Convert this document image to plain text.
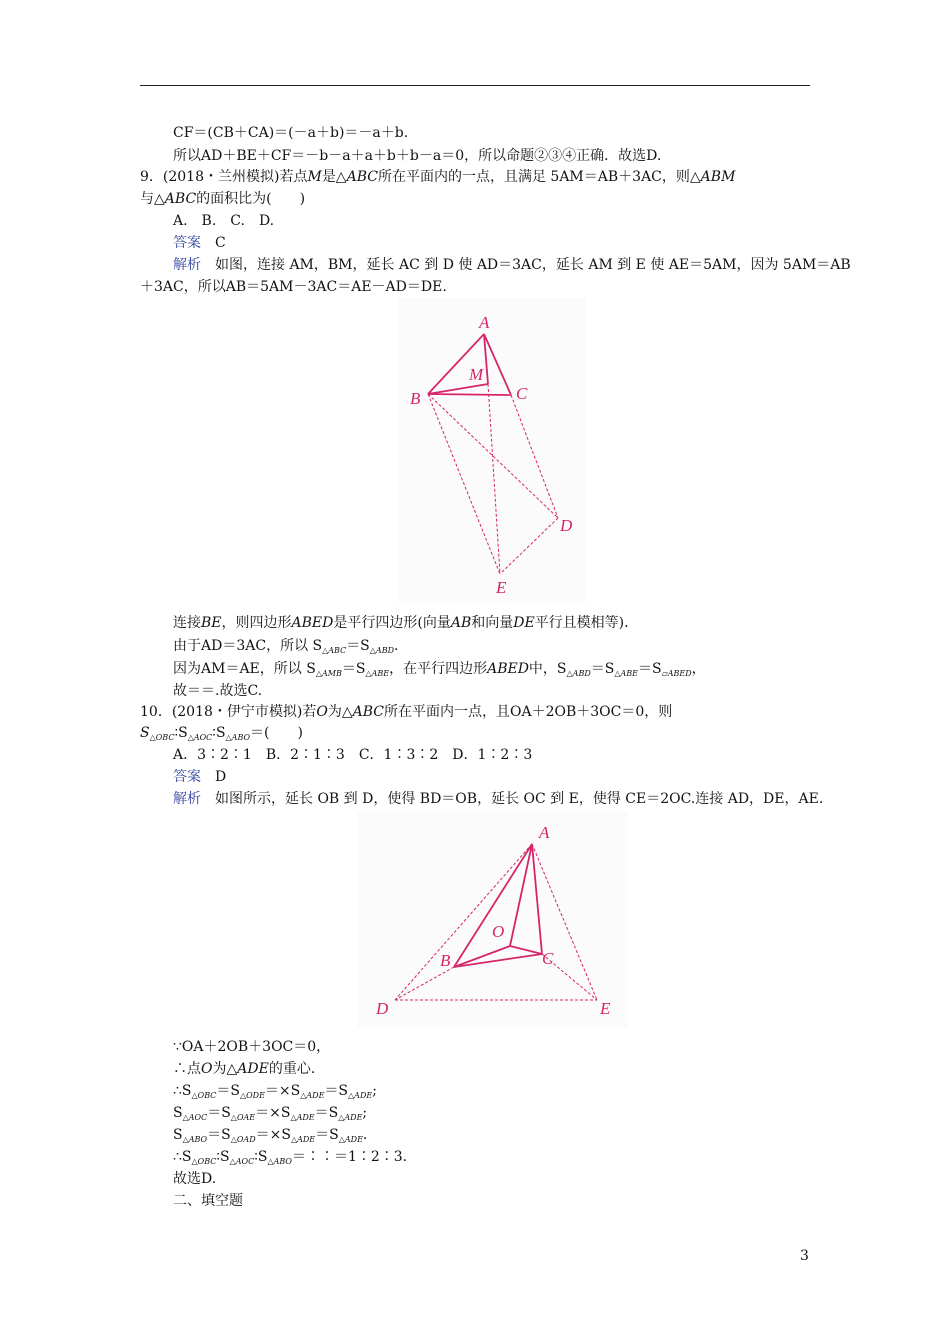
CF＝(CB＋CA)＝(－a＋b)＝－a＋b.
所以AD＋BE＋CF＝－b－a＋a＋b＋b－a＝0，所以命题②③④正确．故选D.
9．(2018・兰州模拟)若点M是△ABC所在平面内的一点，且满足 5AM＝AB＋3AC，则△ABM
与△ABC的面积比为(　　)
A.　B.　C.　D.
答案　 C
解析　 如图，连接 AM，BM，延长 AC 到 D 使 AD＝3AC，延长 AM 到 E 使 AE＝5AM，因为 5AM＝AB
＋3AC，所以AB＝5AM－3AC＝AE－AD＝DE.
A
M
B	C
D
E
连接BE，则四边形ABED是平行四边形(向量AB和向量DE平行且模相等)．
由于AD＝3AC，所以 $S_{\triangle ABC}=S_{\triangle ABD}$.
因为AM＝AE，所以 $S_{\triangle AMB}=S_{\triangle ABE}$，在平行四边形ABED中，$S_{\triangle ABD}=S_{\triangle ABE}=S_{▱ABED}$，
故＝＝.故选C.
10．(2018・伊宁市模拟)若O为△ABC所在平面内一点，且OA＋2OB＋3OC＝0，则
$S_{\triangle OBC}∶S_{\triangle AOC}∶S_{\triangle ABO}=$(　　)
A．3∶2∶1　B．2∶1∶3　C．1∶3∶2　D．1∶2∶3
答案　 D
解析　 如图所示，延长 OB 到 D，使得 BD＝OB，延长 OC 到 E，使得 CE＝2OC.连接 AD，DE，AE.
A
O
B	C
D	E
∵OA＋2OB＋3OC＝0，
∴点O为△ADE的重心．
$\therefore S_{\triangle OBC}=S_{\triangle ODE}=\times S_{\triangle ADE}=S_{\triangle ADE}$;
$S_{\triangle AOC}=S_{\triangle OAE}=\times S_{\triangle ADE}=S_{\triangle ADE}$;
$S_{\triangle ABO}=S_{\triangle OAD}=\times S_{\triangle ADE}=S_{\triangle ADE}$.
$\therefore S_{\triangle OBC}∶S_{\triangle AOC}∶S_{\triangle ABO}=∶∶=1∶2∶3$.
故选D.
二、填空题
3
